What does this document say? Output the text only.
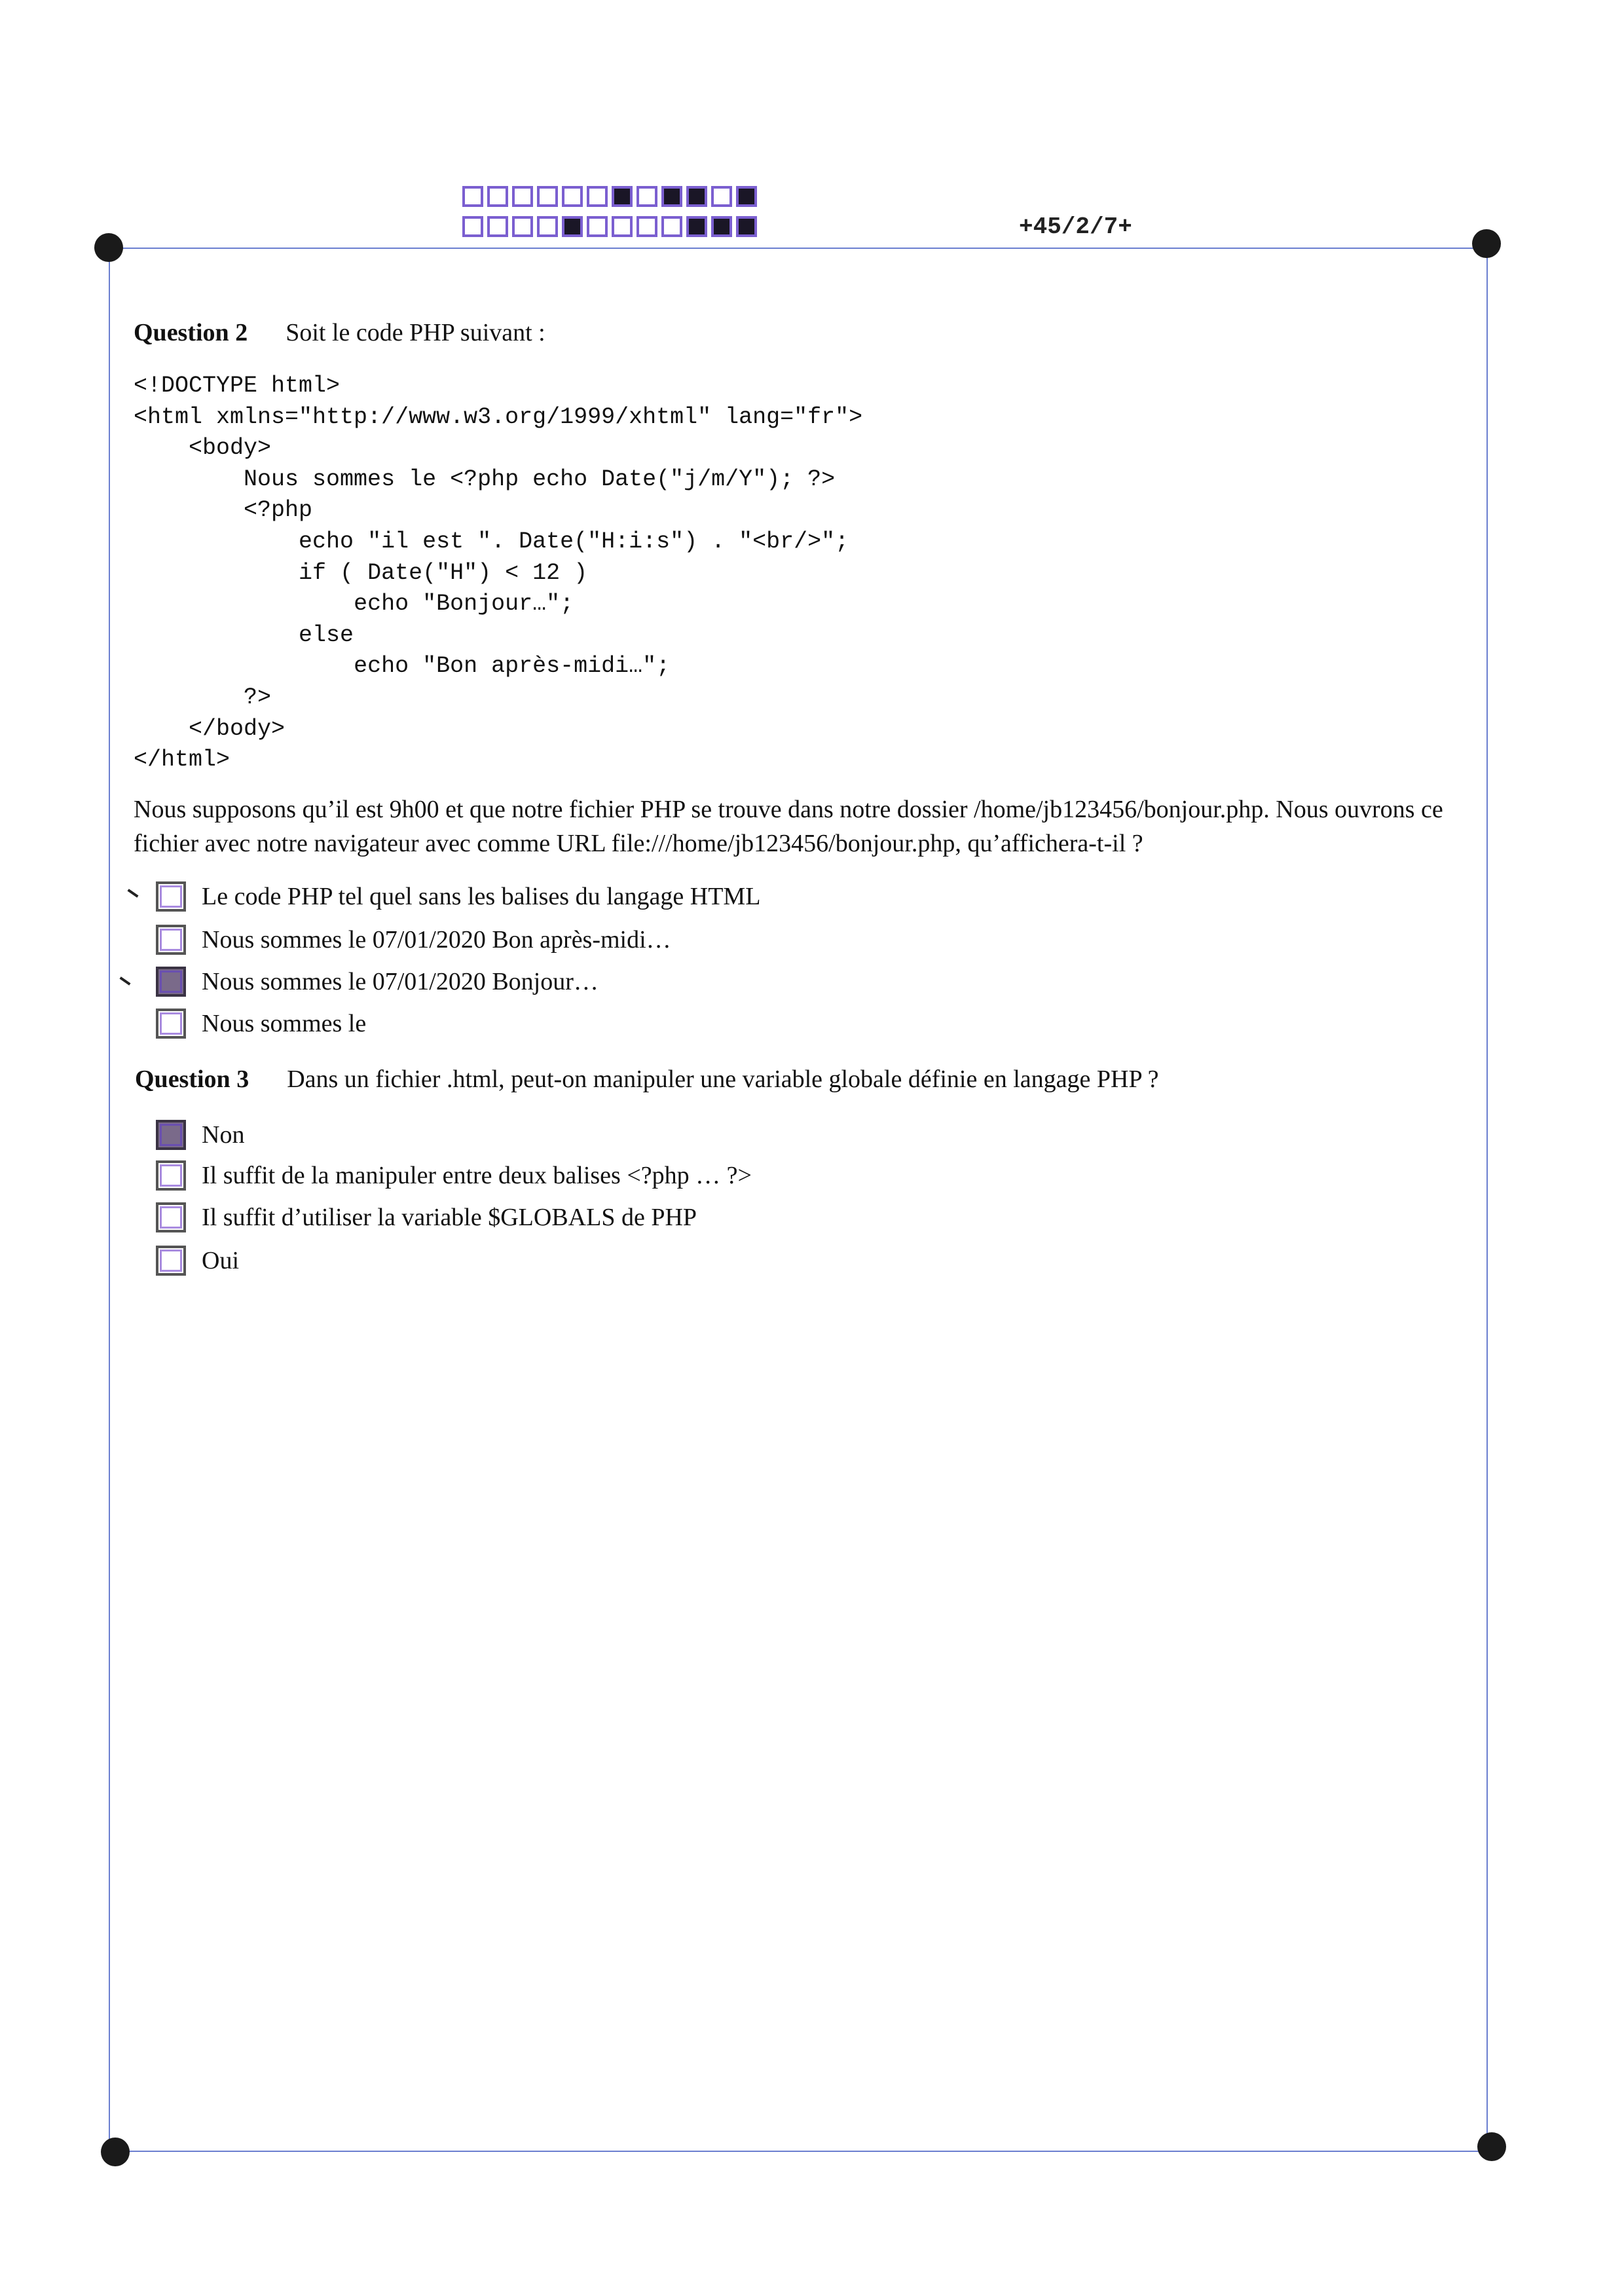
+45/2/7+
Question 2 Soit le code PHP suivant :
<!DOCTYPE html>
<html xmlns="http://www.w3.org/1999/xhtml" lang="fr">
	<body>
		Nous sommes le <?php echo Date("j/m/Y"); ?>
		<?php
			echo "il est ". Date("H:i:s") . "<br/>";
			if ( Date("H") < 12 )
				echo "Bonjour…";
			else
				echo "Bon après-midi…";
		?>
	</body>
</html>
Nous supposons qu’il est 9h00 et que notre fichier PHP se trouve dans notre dossier /home/jb123456/bonjour.php. Nous ouvrons ce fichier avec notre navigateur avec comme URL file:///home/jb123456/bonjour.php, qu’affichera-t-il ?
Le code PHP tel quel sans les balises du langage HTML
Nous sommes le 07/01/2020 Bon après-midi…
Nous sommes le 07/01/2020 Bonjour…
Nous sommes le
Question 3 Dans un fichier .html, peut-on manipuler une variable globale définie en langage PHP ?
Non
Il suffit de la manipuler entre deux balises <?php … ?>
Il suffit d’utiliser la variable $GLOBALS de PHP
Oui
